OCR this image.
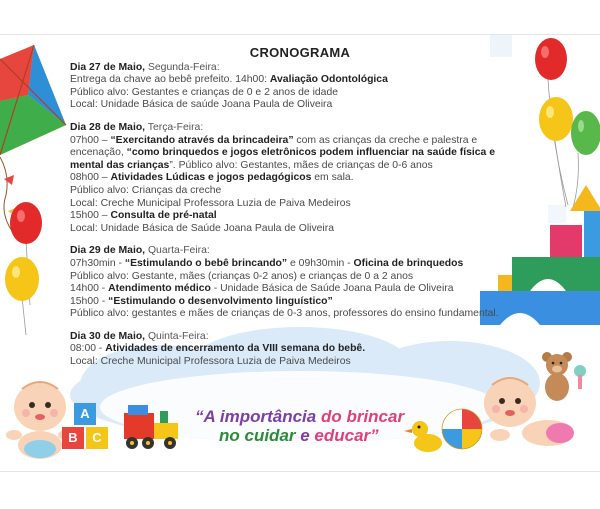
A
B	C
CRONOGRAMA
Dia 27 de Maio, Segunda-Feira:
Entrega da chave ao bebê prefeito. 14h00: Avaliação Odontológica
Público alvo: Gestantes e crianças de 0 e 2 anos de idade
Local: Unidade Básica de saúde Joana Paula de Oliveira
Dia 28 de Maio, Terça-Feira:
07h00 – “Exercitando através da brincadeira” com as crianças da creche e palestra e encenação, “como brinquedos e jogos eletrônicos podem influenciar na saúde física e mental das crianças”. Público alvo: Gestantes, mães de crianças de 0-6 anos
08h00 – Atividades Lúdicas e jogos pedagógicos em sala.
Público alvo: Crianças da creche
Local: Creche Municipal Professora Luzia de Paiva Medeiros
15h00 – Consulta de pré-natal
Local: Unidade Básica de Saúde Joana Paula de Oliveira
Dia 29 de Maio, Quarta-Feira:
07h30min - “Estimulando o bebê brincando” e 09h30min - Oficina de brinquedos
Público alvo: Gestante, mães (crianças 0-2 anos) e crianças de 0 a 2 anos
14h00 - Atendimento médico - Unidade Básica de Saúde Joana Paula de Oliveira
15h00 - “Estimulando o desenvolvimento linguístico”
Público alvo: gestantes e mães de crianças de 0-3 anos, professores do ensino fundamental.
Dia 30 de Maio, Quinta-Feira:
08:00 - Atividades de encerramento da VIII semana do bebê.
Local: Creche Municipal Professora Luzia de Paiva Medeiros
“A importância do brincar
no cuidar e educar”
